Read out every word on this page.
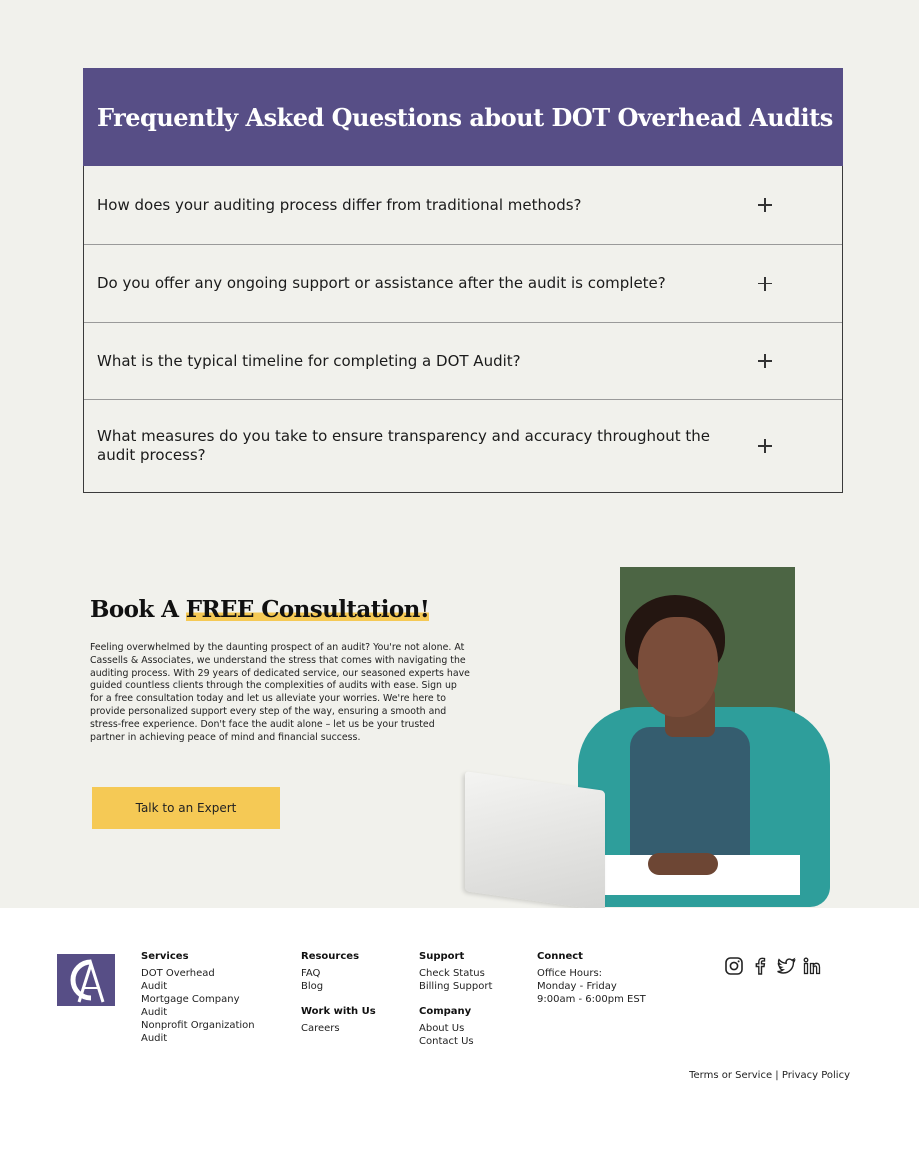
Frequently Asked Questions about DOT Overhead Audits
How does your auditing process differ from traditional methods?
Do you offer any ongoing support or assistance after the audit is complete?
What is the typical timeline for completing a DOT Audit?
What measures do you take to ensure transparency and accuracy throughout the audit process?
Book A FREE Consultation!

Feeling overwhelmed by the daunting prospect of an audit? You're not alone. At Cassells & Associates, we understand the stress that comes with navigating the auditing process. With 29 years of dedicated service, our seasoned experts have guided countless clients through the complexities of audits with ease. Sign up for a free consultation today and let us alleviate your worries. We're here to provide personalized support every step of the way, ensuring a smooth and stress-free experience. Don't face the audit alone – let us be your trusted partner in achieving peace of mind and financial success.

Talk to an Expert
Services
DOT Overhead Audit
Mortgage Company Audit
Nonprofit Organization Audit
Resources
FAQ
Blog
Work with Us
Careers
Support
Check Status
Billing Support
Company
About Us
Contact Us
Connect
Office Hours:
Monday - Friday
9:00am - 6:00pm EST
Terms or Service | Privacy Policy
